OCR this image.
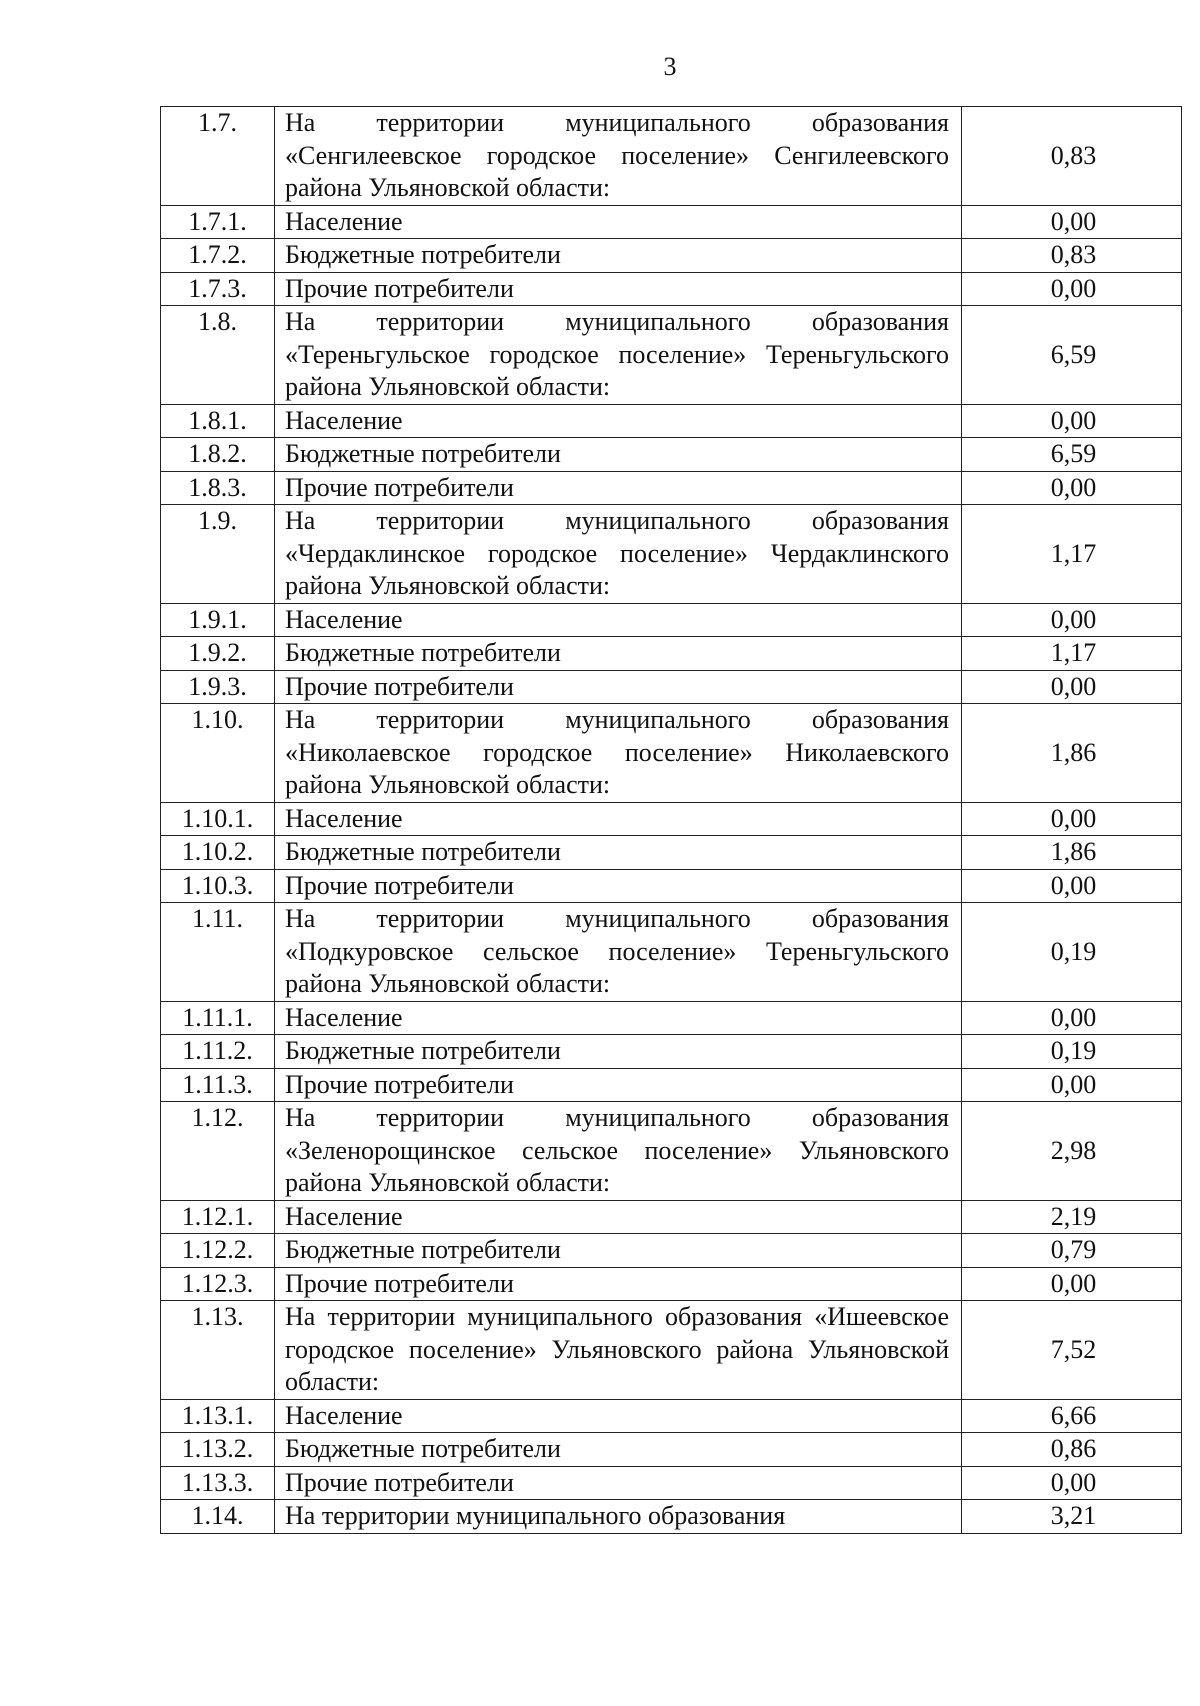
3
1.7.	На территории муниципального образования «Сенгилеевское городское поселение» Сенгилеевского района Ульяновской области:	0,83
1.7.1.	Население	0,00
1.7.2.	Бюджетные потребители	0,83
1.7.3.	Прочие потребители	0,00
1.8.	На территории муниципального образования «Тереньгульское городское поселение» Тереньгульского района Ульяновской области:	6,59
1.8.1.	Население	0,00
1.8.2.	Бюджетные потребители	6,59
1.8.3.	Прочие потребители	0,00
1.9.	На территории муниципального образования «Чердаклинское городское поселение» Чердаклинского района Ульяновской области:	1,17
1.9.1.	Население	0,00
1.9.2.	Бюджетные потребители	1,17
1.9.3.	Прочие потребители	0,00
1.10.	На территории муниципального образования «Николаевское городское поселение» Николаевского района Ульяновской области:	1,86
1.10.1.	Население	0,00
1.10.2.	Бюджетные потребители	1,86
1.10.3.	Прочие потребители	0,00
1.11.	На территории муниципального образования «Подкуровское сельское поселение» Тереньгульского района Ульяновской области:	0,19
1.11.1.	Население	0,00
1.11.2.	Бюджетные потребители	0,19
1.11.3.	Прочие потребители	0,00
1.12.	На территории муниципального образования «Зеленорощинское сельское поселение» Ульяновского района Ульяновской области:	2,98
1.12.1.	Население	2,19
1.12.2.	Бюджетные потребители	0,79
1.12.3.	Прочие потребители	0,00
1.13.	На территории муниципального образования «Ишеевское городское поселение» Ульяновского района Ульяновской области:	7,52
1.13.1.	Население	6,66
1.13.2.	Бюджетные потребители	0,86
1.13.3.	Прочие потребители	0,00
1.14.	На территории муниципального образования	3,21
